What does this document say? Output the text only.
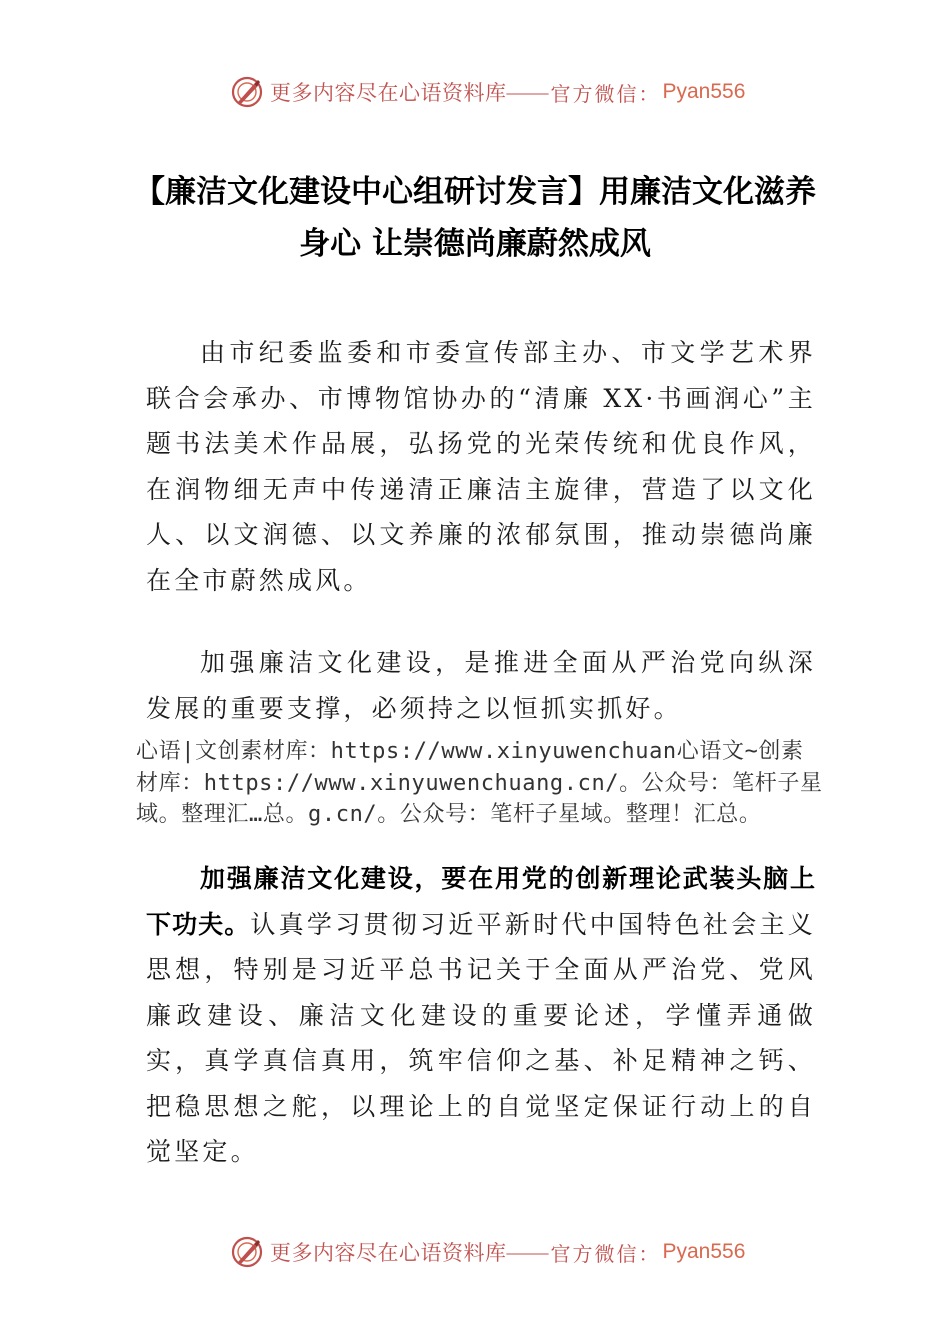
更多内容尽在心语资料库 —— 官方微信： Pyan556
【廉洁文化建设中心组研讨发言】用廉洁文化滋养身心 让崇德尚廉蔚然成风

由市纪委监委和市委宣传部主办、市文学艺术界联合会承办、市博物馆协办的“清廉 XX·书画润心”主题书法美术作品展，弘扬党的光荣传统和优良作风，在润物细无声中传递清正廉洁主旋律，营造了以文化人、以文润德、以文养廉的浓郁氛围，推动崇德尚廉在全市蔚然成风。

加强廉洁文化建设，是推进全面从严治党向纵深发展的重要支撑，必须持之以恒抓实抓好。

心语|文创素材库：https://www.xinyuwenchuan心语文~创素材库：https://www.xinyuwenchuang.cn/。公众号：笔杆子星域。整理汇…总。g.cn/。公众号：笔杆子星域。整理！汇总。

加强廉洁文化建设，要在用党的创新理论武装头脑上下功夫。认真学习贯彻习近平新时代中国特色社会主义思想，特别是习近平总书记关于全面从严治党、党风廉政建设、廉洁文化建设的重要论述，学懂弄通做实，真学真信真用，筑牢信仰之基、补足精神之钙、把稳思想之舵，以理论上的自觉坚定保证行动上的自觉坚定。

更多内容尽在心语资料库 —— 官方微信： Pyan556
